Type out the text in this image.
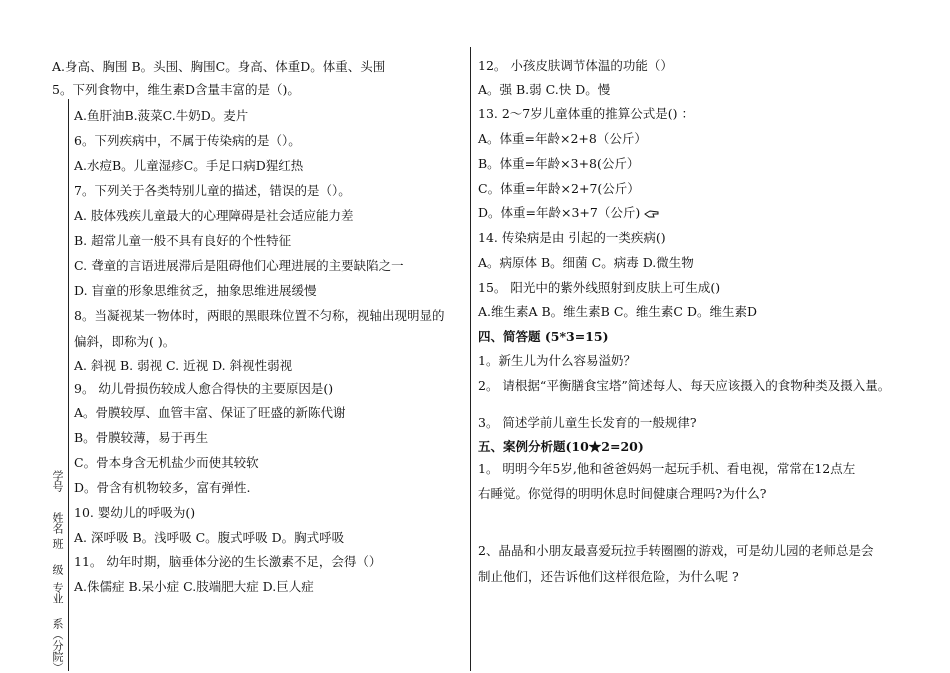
A.身高、胸围 B。头围、胸围C。身高、体重D。体重、头围
5。下列食物中，维生素D含量丰富的是（)。
A.鱼肝油B.菠菜C.牛奶D。麦片
6。下列疾病中，不属于传染病的是（）。
A.水痘B。儿童湿疹C。手足口病D猩红热
7。下列关于各类特别儿童的描述，错误的是（）。
A. 肢体残疾儿童最大的心理障碍是社会适应能力差
B. 超常儿童一般不具有良好的个性特征
C. 聋童的言语进展滞后是阻碍他们心理进展的主要缺陷之一
D. 盲童的形象思维贫乏，抽象思维进展缓慢
8。当凝视某一物体时，两眼的黑眼珠位置不匀称，视轴出现明显的
偏斜，即称为( )。
A. 斜视 B. 弱视 C. 近视 D. 斜视性弱视
9。 幼儿骨损伤较成人愈合得快的主要原因是()
A。骨膜较厚、血管丰富、保证了旺盛的新陈代谢
B。骨膜较薄，易于再生
C。骨本身含无机盐少而使其较软
D。骨含有机物较多，富有弹性.
10. 婴幼儿的呼吸为()
A. 深呼吸 B。浅呼吸 C。腹式呼吸 D。胸式呼吸
11。 幼年时期，脑垂体分泌的生长激素不足，会得（）
A.侏儒症 B.呆小症 C.肢端肥大症 D.巨人症
学号
姓名
班
级
专业
系（分院）
12。 小孩皮肤调节体温的功能（）
A。强 B.弱 C.快 D。慢
13. 2～7岁儿童体重的推算公式是() ：
A。体重=年龄×2+8（公斤）
B。体重=年龄×3+8(公斤）
C。体重=年龄×2+7(公斤）
D。体重=年龄×3+7（公斤)
14. 传染病是由 引起的一类疾病()
A。病原体 B。细菌 C。病毒 D.微生物
15。 阳光中的紫外线照射到皮肤上可生成()
A.维生素A B。维生素B C。维生素C D。维生素D
四、简答题 (5*3=15)
1。新生儿为什么容易溢奶？
2。 请根据“平衡膳食宝塔”简述每人、每天应该摄入的食物种类及摄入量。
3。 简述学前儿童生长发育的一般规律?
五、案例分析题(10★2=20)
1。 明明今年5岁,他和爸爸妈妈一起玩手机、看电视，常常在12点左
右睡觉。你觉得的明明休息时间健康合理吗?为什么?
2、晶晶和小朋友最喜爱玩拉手转圈圈的游戏，可是幼儿园的老师总是会
制止他们，还告诉他们这样很危险，为什么呢 ?
